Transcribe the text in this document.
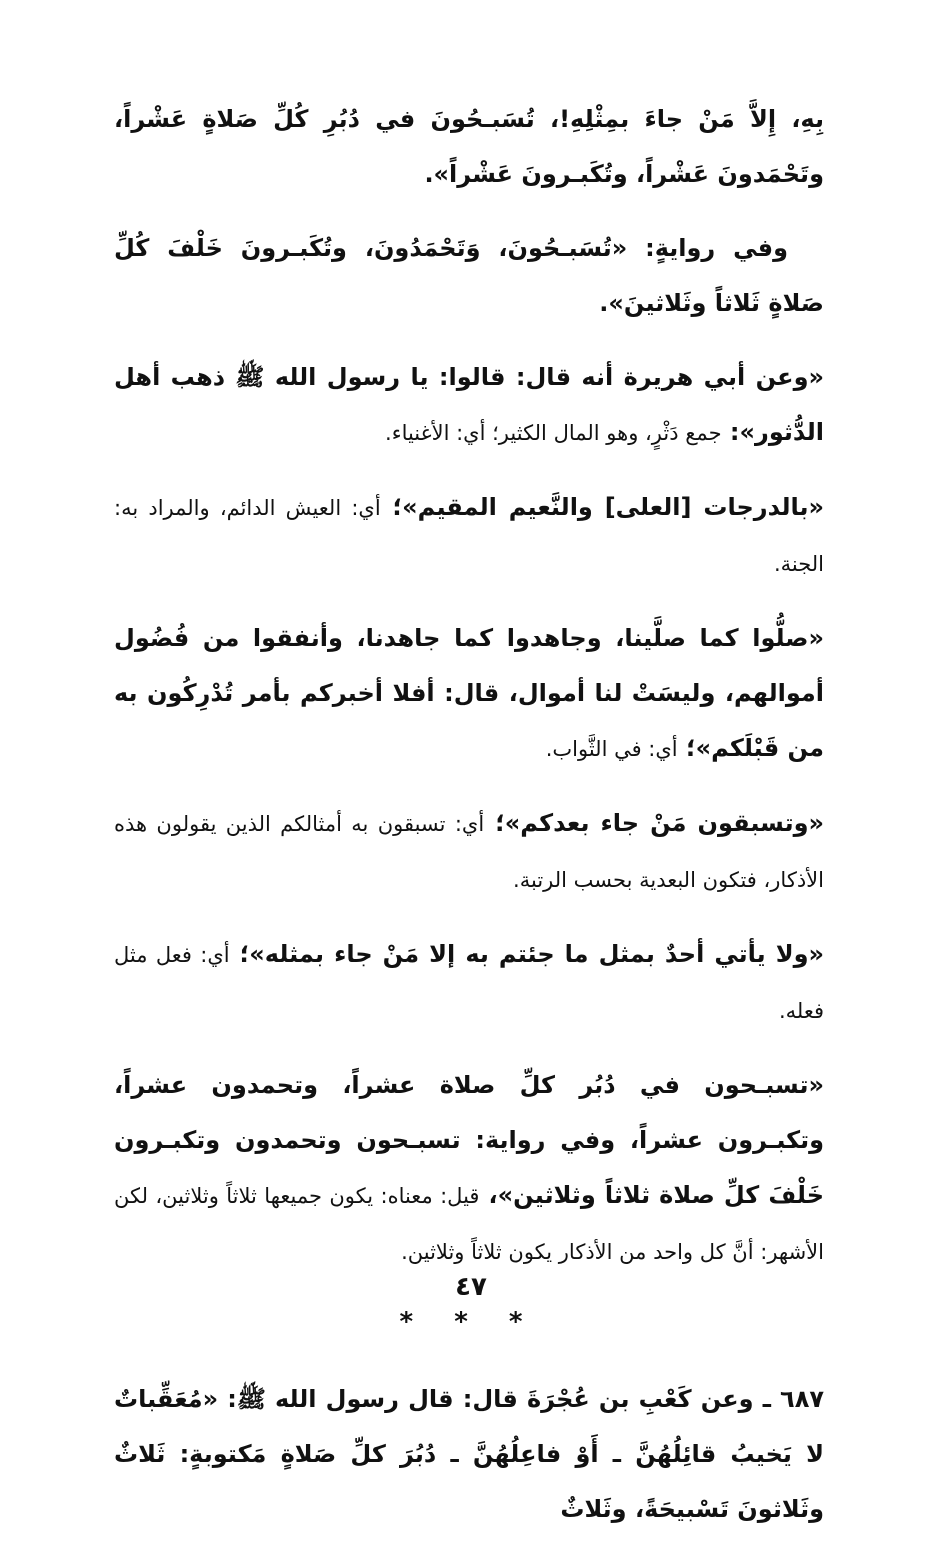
بِهِ، إِلاَّ مَنْ جاءَ بمِثْلِهِ!، تُسَبـحُونَ في دُبُرِ كُلِّ صَلاةٍ عَشْراً، وتَحْمَدونَ عَشْراً، وتُكَبـرونَ عَشْراً».

وفي روايةٍ: «تُسَبـحُونَ، وَتَحْمَدُونَ، وتُكَبـرونَ خَلْفَ كُلِّ صَلاةٍ ثَلاثاً وثَلاثينَ».

«وعن أبي هريرة أنه قال: قالوا: يا رسول الله ﷺ ذهب أهل الدُّثور»: جمع دَثْرٍ، وهو المال الكثير؛ أي: الأغنياء.

«بالدرجات [العلى] والنَّعيم المقيم»؛ أي: العيش الدائم، والمراد به: الجنة.

«صلُّوا كما صلَّينا، وجاهدوا كما جاهدنا، وأنفقوا من فُضُول أموالهم، وليسَتْ لنا أموال، قال: أفلا أخبركم بأمر تُدْرِكُون به من قَبْلَكم»؛ أي: في الثَّواب.

«وتسبقون مَنْ جاء بعدكم»؛ أي: تسبقون به أمثالكم الذين يقولون هذه الأذكار، فتكون البعدية بحسب الرتبة.

«ولا يأتي أحدٌ بمثل ما جئتم به إلا مَنْ جاء بمثله»؛ أي: فعل مثل فعله.

«تسبـحون في دُبُر كلِّ صلاة عشراً، وتحمدون عشراً، وتكبـرون عشراً، وفي رواية: تسبـحون وتحمدون وتكبـرون خَلْفَ كلِّ صلاة ثلاثاً وثلاثين»، قيل: معناه: يكون جميعها ثلاثاً وثلاثين، لكن الأشهر: أنَّ كل واحد من الأذكار يكون ثلاثاً وثلاثين.

* * *

٦٨٧ ـ وعن كَعْبِ بن عُجْرَةَ قال: قال رسول الله ﷺ: «مُعَقِّباتٌ لا يَخيبُ قائِلُهُنَّ ـ أَوْ فاعِلُهُنَّ ـ دُبُرَ كلِّ صَلاةٍ مَكتوبةٍ: ثَلاثٌ وثَلاثونَ تَسْبيحَةً، وثَلاثٌ

٤٧
